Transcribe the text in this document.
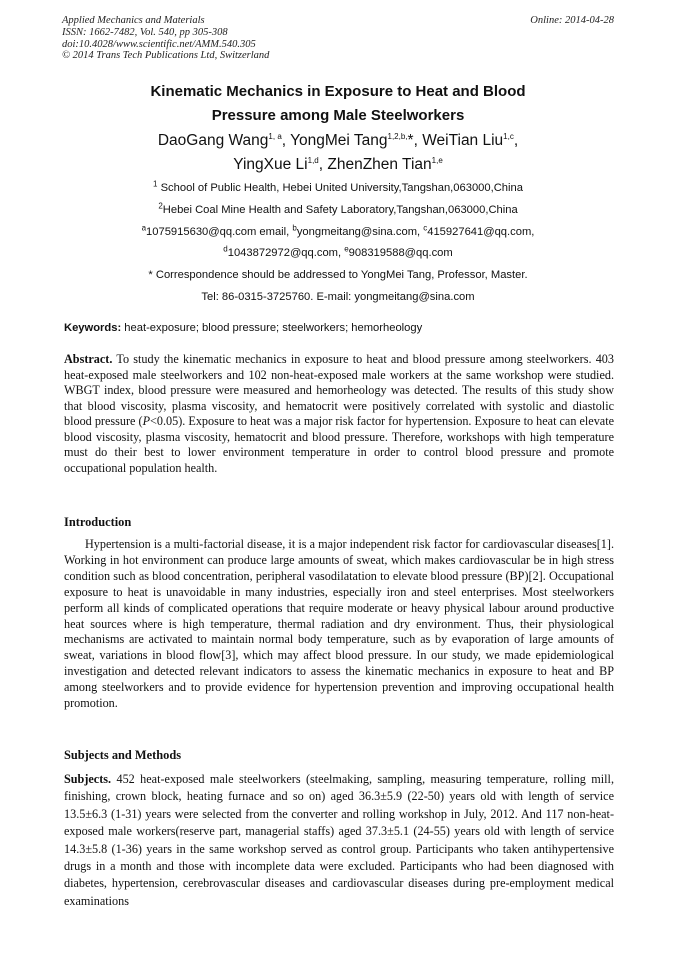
Applied Mechanics and Materials
ISSN: 1662-7482, Vol. 540, pp 305-308
doi:10.4028/www.scientific.net/AMM.540.305
© 2014 Trans Tech Publications Ltd, Switzerland
Online: 2014-04-28
Kinematic Mechanics in Exposure to Heat and Blood
Pressure among Male Steelworkers
DaoGang Wang$^{1, a}$, YongMei Tang$^{1,2,b,}$*, WeiTian Liu$^{1,c}$,
YingXue Li$^{1,d}$, ZhenZhen Tian$^{1,e}$
$^1$ School of Public Health, Hebei United University,Tangshan,063000,China
$^2$Hebei Coal Mine Health and Safety Laboratory,Tangshan,063000,China
$^a$1075915630@qq.com email, $^b$yongmeitang@sina.com, $^c$415927641@qq.com,
$^d$1043872972@qq.com, $^e$908319588@qq.com
* Correspondence should be addressed to YongMei Tang, Professor, Master.
Tel: 86-0315-3725760. E-mail: yongmeitang@sina.com
Keywords: heat-exposure; blood pressure; steelworkers; hemorheology
Abstract. To study the kinematic mechanics in exposure to heat and blood pressure among steelworkers. 403 heat-exposed male steelworkers and 102 non-heat-exposed male workers at the same workshop were studied. WBGT index, blood pressure were measured and hemorheology was detected. The results of this study show that blood viscosity, plasma viscosity, and hematocrit were positively correlated with systolic and diastolic blood pressure (P<0.05). Exposure to heat was a major risk factor for hypertension. Exposure to heat can elevate blood viscosity, plasma viscosity, hematocrit and blood pressure. Therefore, workshops with high temperature must do their best to lower environment temperature in order to control blood pressure and promote occupational population health.
Introduction

Hypertension is a multi-factorial disease, it is a major independent risk factor for cardiovascular diseases[1]. Working in hot environment can produce large amounts of sweat, which makes cardiovascular be in high stress condition such as blood concentration, peripheral vasodilatation to elevate blood pressure (BP)[2]. Occupational exposure to heat is unavoidable in many industries, especially iron and steel enterprises. Most steelworkers perform all kinds of complicated operations that require moderate or heavy physical labour around productive heat sources where is high temperature, thermal radiation and dry environment. Thus, their physiological mechanisms are activated to maintain normal body temperature, such as by evaporation of large amounts of sweat, variations in blood flow[3], which may affect blood pressure. In our study, we made epidemiological investigation and detected relevant indicators to assess the kinematic mechanics in exposure to heat and BP among steelworkers and to provide evidence for hypertension prevention and improving occupational health promotion.

Subjects and Methods
Subjects. 452 heat-exposed male steelworkers (steelmaking, sampling, measuring temperature, rolling mill, finishing, crown block, heating furnace and so on) aged 36.3±5.9 (22-50) years old with length of service 13.5±6.3 (1-31) years were selected from the converter and rolling workshop in July, 2012. And 117 non-heat-exposed male workers(reserve part, managerial staffs) aged 37.3±5.1 (24-55) years old with length of service 14.3±5.8 (1-36) years in the same workshop served as control group. Participants who taken antihypertensive drugs in a month and those with incomplete data were excluded. Participants who had been diagnosed with diabetes, hypertension, cerebrovascular diseases and cardiovascular diseases during pre-employment medical examinations
